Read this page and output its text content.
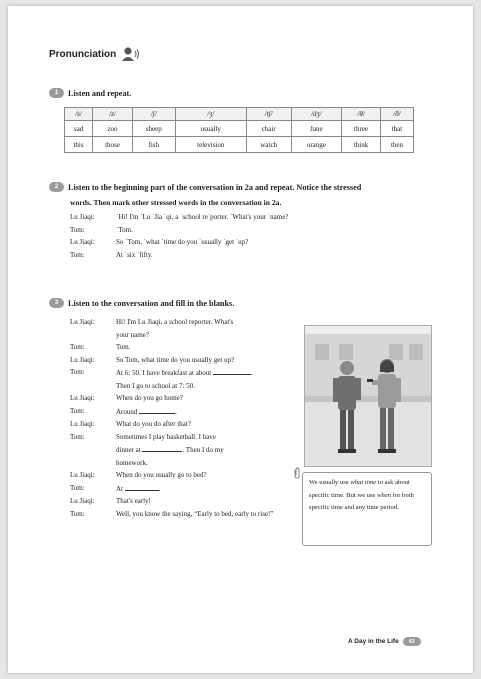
Pronunciation
1	Listen and repeat.
/s/	/z/	/ʃ/	/ʒ/	/tʃ/	/dʒ/	/θ/	/ð/
sad	zoo	sheep	usually	chair	Jane	three	that
this	those	fish	television	watch	orange	think	then
2	Listen to the beginning part of the conversation in 2a and repeat. Notice the stressed
words. Then mark other stressed words in the conversation in 2a.
Lu Jiaqi:	ˈHi! I'm ˈLu ˈJia ˈqi, a ˈschool reˈporter. ˈWhat's your ˈname?
Tom:	ˈTom.
Lu Jiaqi:	So ˈTom, ˈwhat ˈtime do you ˈusually ˈget ˈup?
Tom:	At ˈsix ˈfifty.
3	Listen to the conversation and fill in the blanks.
Lu Jiaqi:	Hi! I'm Lu Jiaqi, a school reporter. What's
your name?
Tom:	Tom.
Lu Jiaqi:	So Tom, what time do you usually get up?
Tom:	At 6: 50. I have breakfast at about	.
Then I go to school at 7: 50.
Lu Jiaqi:	When do you go home?
Tom:	Around	.
Lu Jiaqi:	What do you do after that?
Tom:	Sometimes I play basketball. I have
dinner at	. Then I do my
homework.
Lu Jiaqi:	When do you usually go to bed?
Tom:	At	.
Lu Jiaqi:	That's early!
Tom:	Well, you know the saying, “Early to bed, early to rise!”
We usually use what time to ask about specific time. But we use when for both specific time and any time period.
A Day in the Life	43
